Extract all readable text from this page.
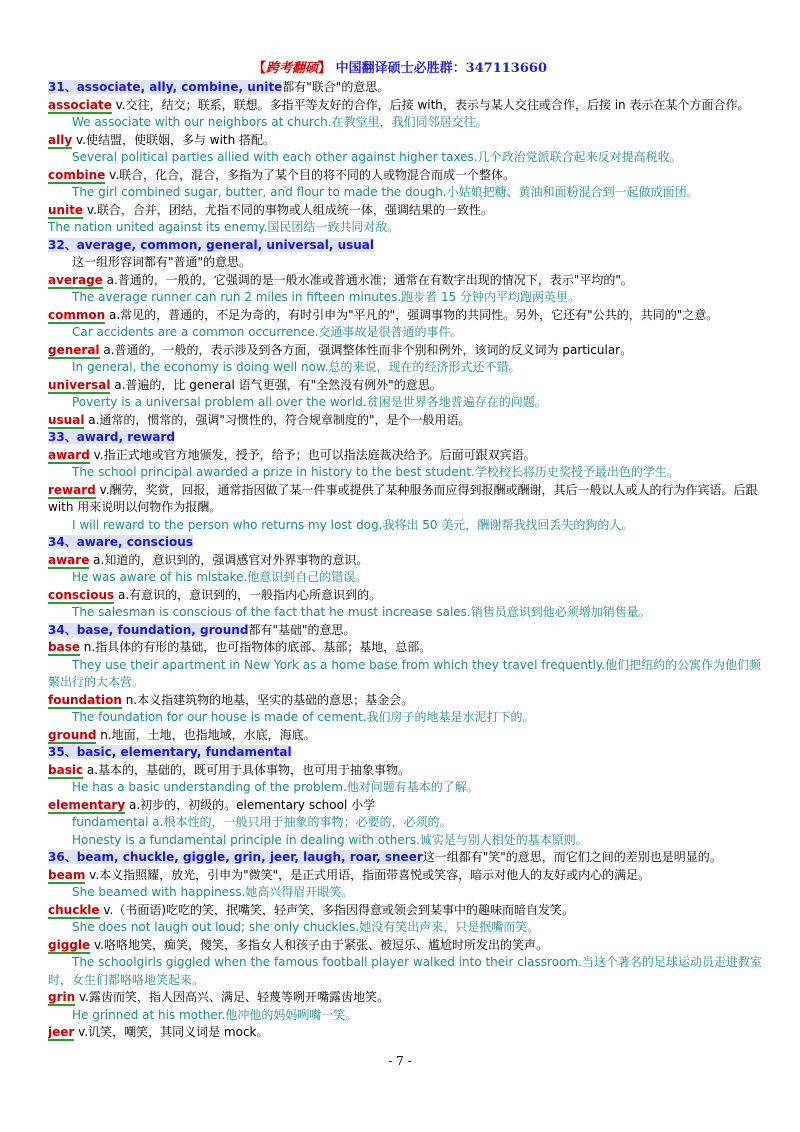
【跨考翻硕】 中国翻译硕士必胜群：347113660
31、associate, ally, combine, unite都有"联合"的意思。
associate v.交往，结交；联系，联想。多指平等友好的合作，后接 with，表示与某人交往或合作，后接 in 表示在某个方面合作。
We associate with our neighbors at church.在教堂里，我们同邻居交往。
ally v.使结盟，使联姻，多与 with 搭配。
Several political parties allied with each other against higher taxes.几个政治党派联合起来反对提高税收。
combine v.联合，化合，混合，多指为了某个目的将不同的人或物混合而成一个整体。
The girl combined sugar, butter, and flour to made the dough.小姑娘把糖、黄油和面粉混合到一起做成面团。
unite v.联合，合并，团结，尤指不同的事物或人组成统一体，强调结果的一致性。
The nation united against its enemy.国民团结一致共同对敌。
32、average, common, general, universal, usual
这一组形容词都有"普通"的意思。
average a.普通的，一般的，它强调的是一般水准或普通水准；通常在有数字出现的情况下，表示"平均的"。
The average runner can run 2 miles in fifteen minutes.跑步者 15 分钟内平均跑两英里。
common a.常见的，普通的，不足为奇的，有时引申为"平凡的"，强调事物的共同性。另外，它还有"公共的，共同的"之意。
Car accidents are a common occurrence.交通事故是很普通的事件。
general a.普通的，一般的，表示涉及到各方面，强调整体性而非个别和例外，该词的反义词为 particular。
In general, the economy is doing well now.总的来说，现在的经济形式还不错。
universal a.普遍的，比 general 语气更强，有"全然没有例外"的意思。
Poverty is a universal problem all over the world.贫困是世界各地普遍存在的问题。
usual a.通常的，惯常的，强调"习惯性的，符合规章制度的"，是个一般用语。
33、award, reward
award v.指正式地或官方地颁发，授予，给予；也可以指法庭裁决给予。后面可跟双宾语。
The school principal awarded a prize in history to the best student.学校校长将历史奖授予最出色的学生。
reward v.酬劳，奖赏，回报，通常指因做了某一件事或提供了某种服务而应得到报酬或酬谢，其后一般以人或人的行为作宾语。后跟 with 用来说明以何物作为报酬。
I will reward to the person who returns my lost dog.我将出 50 美元，酬谢帮我找回丢失的狗的人。
34、aware, conscious
aware a.知道的，意识到的，强调感官对外界事物的意识。
He was aware of his mistake.他意识到自己的错误。
conscious a.有意识的，意识到的，一般指内心所意识到的。
The salesman is conscious of the fact that he must increase sales.销售员意识到他必须增加销售量。
34、base, foundation, ground都有"基础"的意思。
base n.指具体的有形的基础，也可指物体的底部、基部；基地，总部。
They use their apartment in New York as a home base from which they travel frequently.他们把纽约的公寓作为他们频繁出行的大本营。
foundation n.本义指建筑物的地基，坚实的基础的意思；基金会。
The foundation for our house is made of cement.我们房子的地基是水泥打下的。
ground n.地面，土地，也指地域，水底，海底。
35、basic, elementary, fundamental
basic a.基本的，基础的，既可用于具体事物，也可用于抽象事物。
He has a basic understanding of the problem.他对问题有基本的了解。
elementary a.初步的，初级的。elementary school 小学
fundamental a.根本性的，一般只用于抽象的事物；必要的，必须的。
Honesty is a fundamental principle in dealing with others.诚实是与别人相处的基本原则。
36、beam, chuckle, giggle, grin, jeer, laugh, roar, sneer这一组都有"笑"的意思，而它们之间的差别也是明显的。
beam v.本义指照耀，放光，引申为"微笑"，是正式用语，指面带喜悦或笑容，暗示对他人的友好或内心的满足。
She beamed with happiness.她高兴得眉开眼笑。
chuckle v.（书面语)吃吃的笑，抿嘴笑，轻声笑，多指因得意或领会到某事中的趣味而暗自发笑。
She does not laugh out loud; she only chuckles.她没有笑出声来，只是抿嘴而笑。
giggle v.咯咯地笑，痴笑，傻笑，多指女人和孩子由于紧张、被逗乐、尴尬时所发出的笑声。
The schoolgirls giggled when the famous football player walked into their classroom.当这个著名的足球运动员走进教室时，女生们都咯咯地笑起来。
grin v.露齿而笑，指人因高兴、满足、轻蔑等咧开嘴露齿地笑。
He grinned at his mother.他冲他的妈妈咧嘴一笑。
jeer v.讥笑，嘲笑，其同义词是 mock。
- 7 -
